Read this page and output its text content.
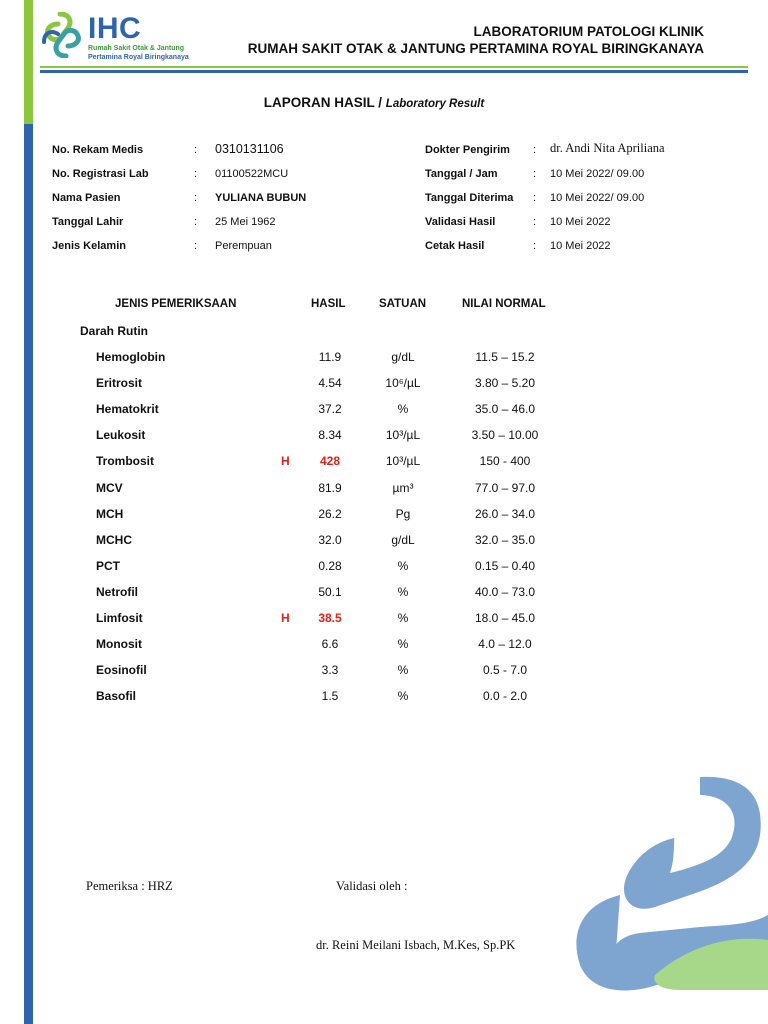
IHC
Rumah Sakit Otak & Jantung
Pertamina Royal Biringkanaya
LABORATORIUM PATOLOGI KLINIK
RUMAH SAKIT OTAK & JANTUNG PERTAMINA ROYAL BIRINGKANAYA
LAPORAN HASIL / Laboratory Result
No. Rekam Medis	: 0310131106
No. Registrasi Lab	: 01100522MCU
Nama Pasien	: YULIANA BUBUN
Tanggal Lahir	: 25 Mei 1962
Jenis Kelamin	: Perempuan
Dokter Pengirim : dr. Andi Nita Apriliana
Tanggal / Jam	: 10 Mei 2022/ 09.00
Tanggal Diterima : 10 Mei 2022/ 09.00
Validasi Hasil	: 10 Mei 2022
Cetak Hasil	: 10 Mei 2022
JENIS PEMERIKSAAN	HASIL	SATUAN	NILAI NORMAL
Darah Rutin
Hemoglobin	11.9	g/dL	11.5 – 15.2
Eritrosit	4.54	10⁶/µL	3.80 – 5.20
Hematokrit	37.2	%	35.0 – 46.0
Leukosit	8.34	10³/µL	3.50 – 10.00
Trombosit	H	428	10³/µL	150 - 400
MCV	81.9	µm³	77.0 – 97.0
MCH	26.2	Pg	26.0 – 34.0
MCHC	32.0	g/dL	32.0 – 35.0
PCT	0.28	%	0.15 – 0.40
Netrofil	50.1	%	40.0 – 73.0
Limfosit	H	38.5	%	18.0 – 45.0
Monosit	6.6	%	4.0 – 12.0
Eosinofil	3.3	%	0.5 - 7.0
Basofil	1.5	%	0.0 - 2.0
Pemeriksa : HRZ	Validasi oleh :
dr. Reini Meilani Isbach, M.Kes, Sp.PK
